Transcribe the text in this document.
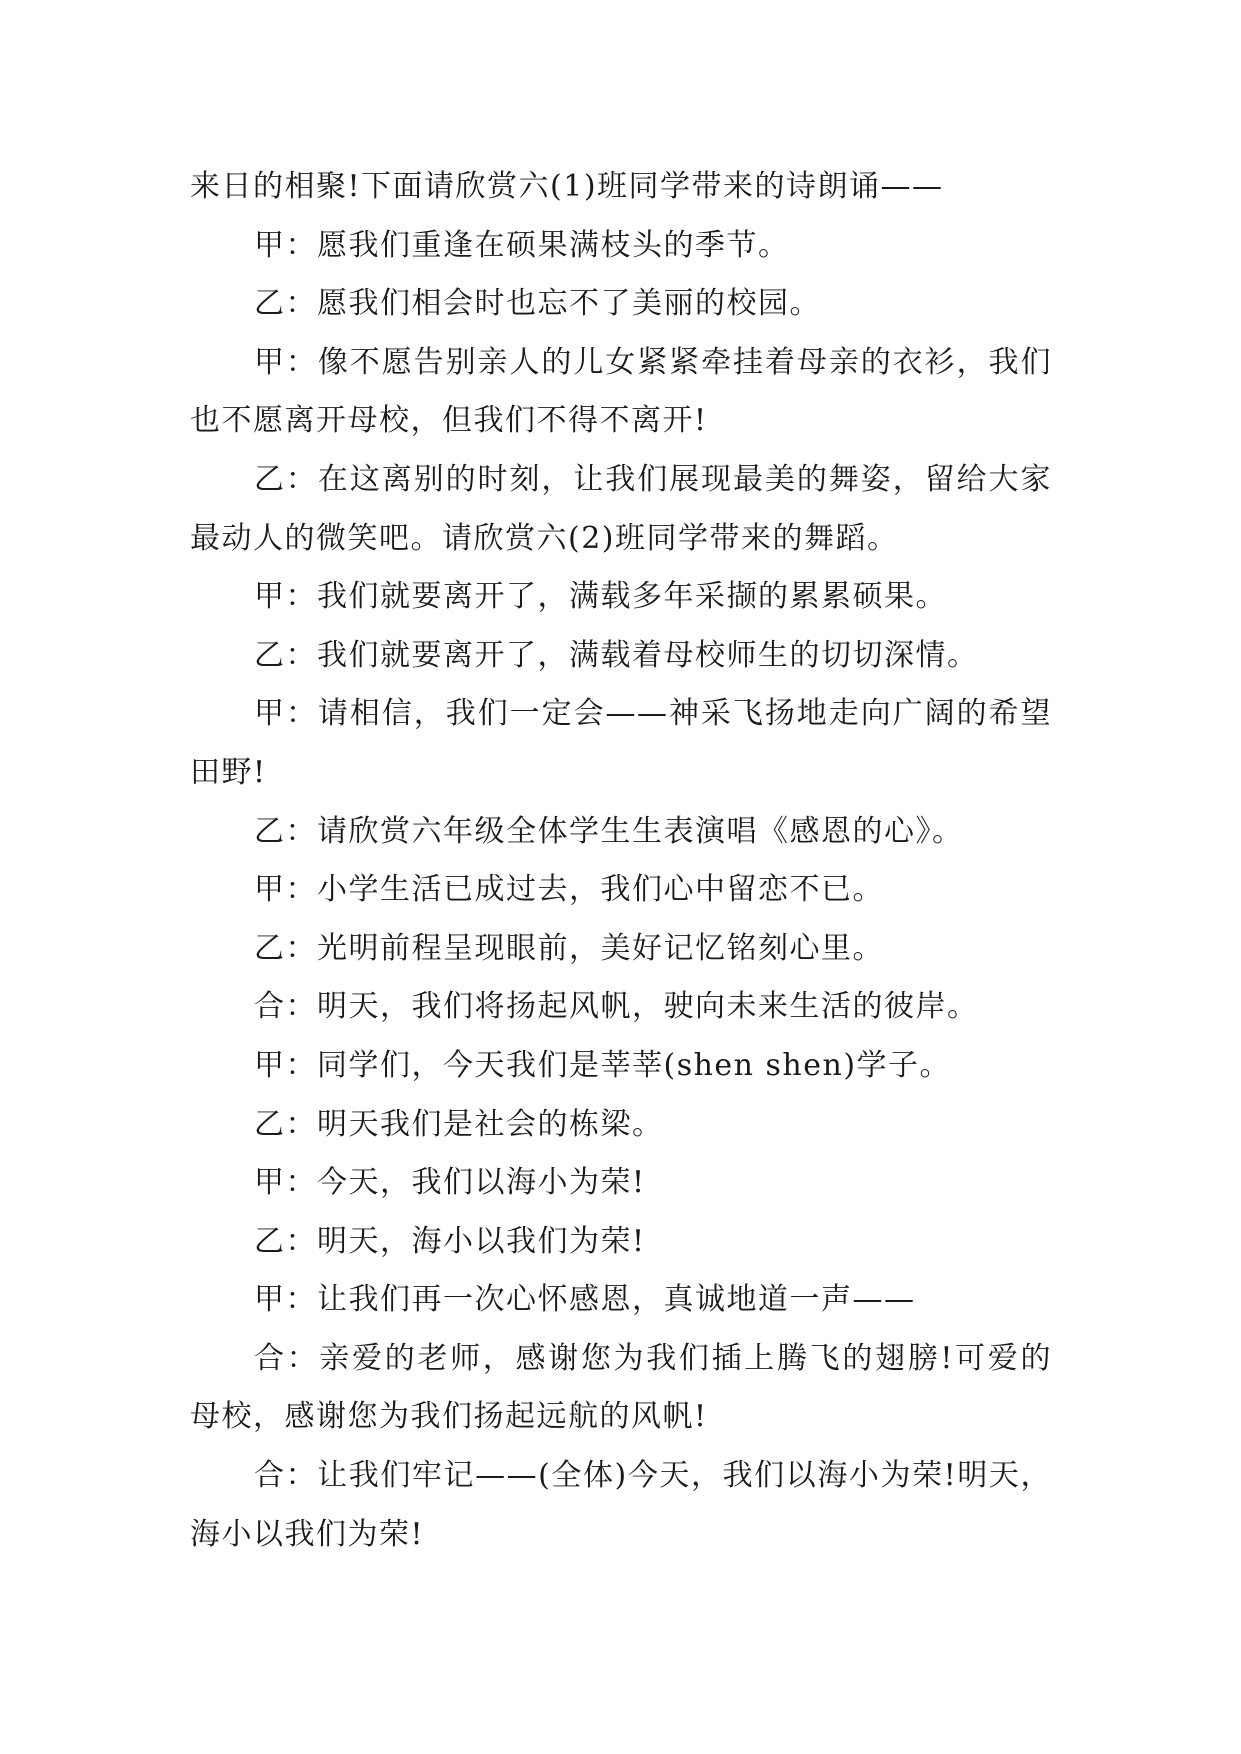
来日的相聚!下面请欣赏六(1)班同学带来的诗朗诵——

甲：愿我们重逢在硕果满枝头的季节。

乙：愿我们相会时也忘不了美丽的校园。

甲：像不愿告别亲人的儿女紧紧牵挂着母亲的衣衫，我们也不愿离开母校，但我们不得不离开!

乙：在这离别的时刻，让我们展现最美的舞姿，留给大家最动人的微笑吧。请欣赏六(2)班同学带来的舞蹈。

甲：我们就要离开了，满载多年采撷的累累硕果。

乙：我们就要离开了，满载着母校师生的切切深情。

甲：请相信，我们一定会——神采飞扬地走向广阔的希望田野!

乙：请欣赏六年级全体学生生表演唱《感恩的心》。

甲：小学生活已成过去，我们心中留恋不已。

乙：光明前程呈现眼前，美好记忆铭刻心里。

合：明天，我们将扬起风帆，驶向未来生活的彼岸。

甲：同学们，今天我们是莘莘(shen shen)学子。

乙：明天我们是社会的栋梁。

甲：今天，我们以海小为荣!

乙：明天，海小以我们为荣!

甲：让我们再一次心怀感恩，真诚地道一声——

合：亲爱的老师，感谢您为我们插上腾飞的翅膀!可爱的母校，感谢您为我们扬起远航的风帆!

合：让我们牢记——(全体)今天，我们以海小为荣!明天，海小以我们为荣!
